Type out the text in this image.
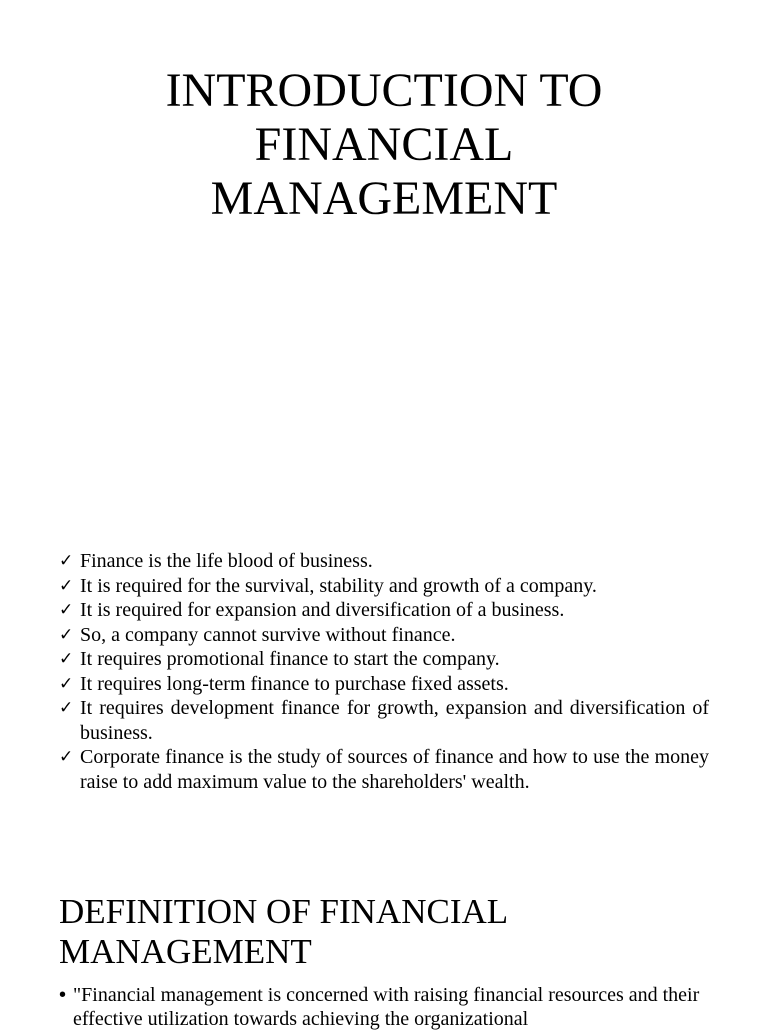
INTRODUCTION TO
FINANCIAL
MANAGEMENT
✓ Finance is the life blood of business.
✓ It is required for the survival, stability and growth of a company.
✓ It is required for expansion and diversification of a business.
✓ So, a company cannot survive without finance.
✓ It requires promotional finance to start the company.
✓ It requires long-term finance to purchase fixed assets.
✓ It requires development finance for growth, expansion and diversification of business.
✓ Corporate finance is the study of sources of finance and how to use the money raise to add maximum value to the shareholders' wealth.
DEFINITION OF FINANCIAL
MANAGEMENT
• "Financial management is concerned with raising financial resources and their effective utilization towards achieving the organizational
